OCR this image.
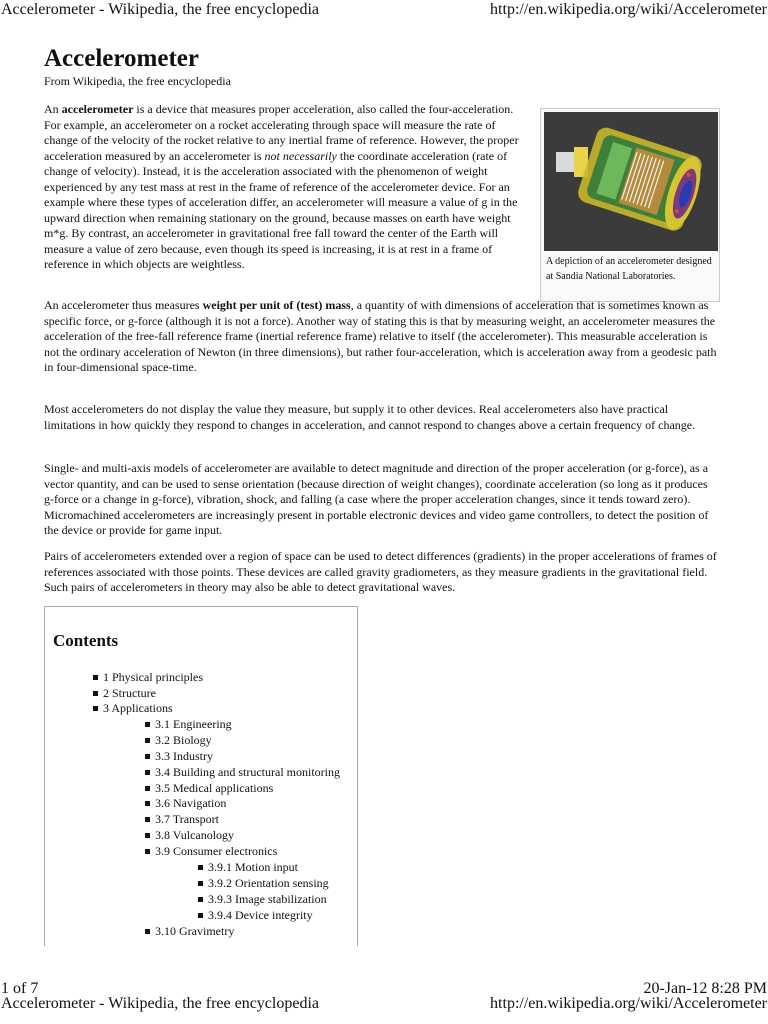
Accelerometer - Wikipedia, the free encyclopedia	http://en.wikipedia.org/wiki/Accelerometer
Accelerometer
From Wikipedia, the free encyclopedia

An accelerometer is a device that measures proper acceleration, also called the four-acceleration. For example, an accelerometer on a rocket accelerating through space will measure the rate of change of the velocity of the rocket relative to any inertial frame of reference. However, the proper acceleration measured by an accelerometer is not necessarily the coordinate acceleration (rate of change of velocity). Instead, it is the acceleration associated with the phenomenon of weight experienced by any test mass at rest in the frame of reference of the accelerometer device. For an example where these types of acceleration differ, an accelerometer will measure a value of g in the upward direction when remaining stationary on the ground, because masses on earth have weight m*g. By contrast, an accelerometer in gravitational free fall toward the center of the Earth will measure a value of zero because, even though its speed is increasing, it is at rest in a frame of reference in which objects are weightless.	A depiction of an accelerometer designed at Sandia National Laboratories.

An accelerometer thus measures weight per unit of (test) mass, a quantity of with dimensions of acceleration that is sometimes known as specific force, or g-force (although it is not a force). Another way of stating this is that by measuring weight, an accelerometer measures the acceleration of the free-fall reference frame (inertial reference frame) relative to itself (the accelerometer). This measurable acceleration is not the ordinary acceleration of Newton (in three dimensions), but rather four-acceleration, which is acceleration away from a geodesic path in four-dimensional space-time.

Most accelerometers do not display the value they measure, but supply it to other devices. Real accelerometers also have practical limitations in how quickly they respond to changes in acceleration, and cannot respond to changes above a certain frequency of change.

Single- and multi-axis models of accelerometer are available to detect magnitude and direction of the proper acceleration (or g-force), as a vector quantity, and can be used to sense orientation (because direction of weight changes), coordinate acceleration (so long as it produces g-force or a change in g-force), vibration, shock, and falling (a case where the proper acceleration changes, since it tends toward zero). Micromachined accelerometers are increasingly present in portable electronic devices and video game controllers, to detect the position of the device or provide for game input.

Pairs of accelerometers extended over a region of space can be used to detect differences (gradients) in the proper accelerations of frames of references associated with those points. These devices are called gravity gradiometers, as they measure gradients in the gravitational field. Such pairs of accelerometers in theory may also be able to detect gravitational waves.

Contents
1 Physical principles
2 Structure
3 Applications
3.1 Engineering
3.2 Biology
3.3 Industry
3.4 Building and structural monitoring
3.5 Medical applications
3.6 Navigation
3.7 Transport
3.8 Vulcanology
3.9 Consumer electronics
3.9.1 Motion input
3.9.2 Orientation sensing
3.9.3 Image stabilization
3.9.4 Device integrity
3.10 Gravimetry
1 of 7	20-Jan-12 8:28 PM
Accelerometer - Wikipedia, the free encyclopedia	http://en.wikipedia.org/wiki/Accelerometer
